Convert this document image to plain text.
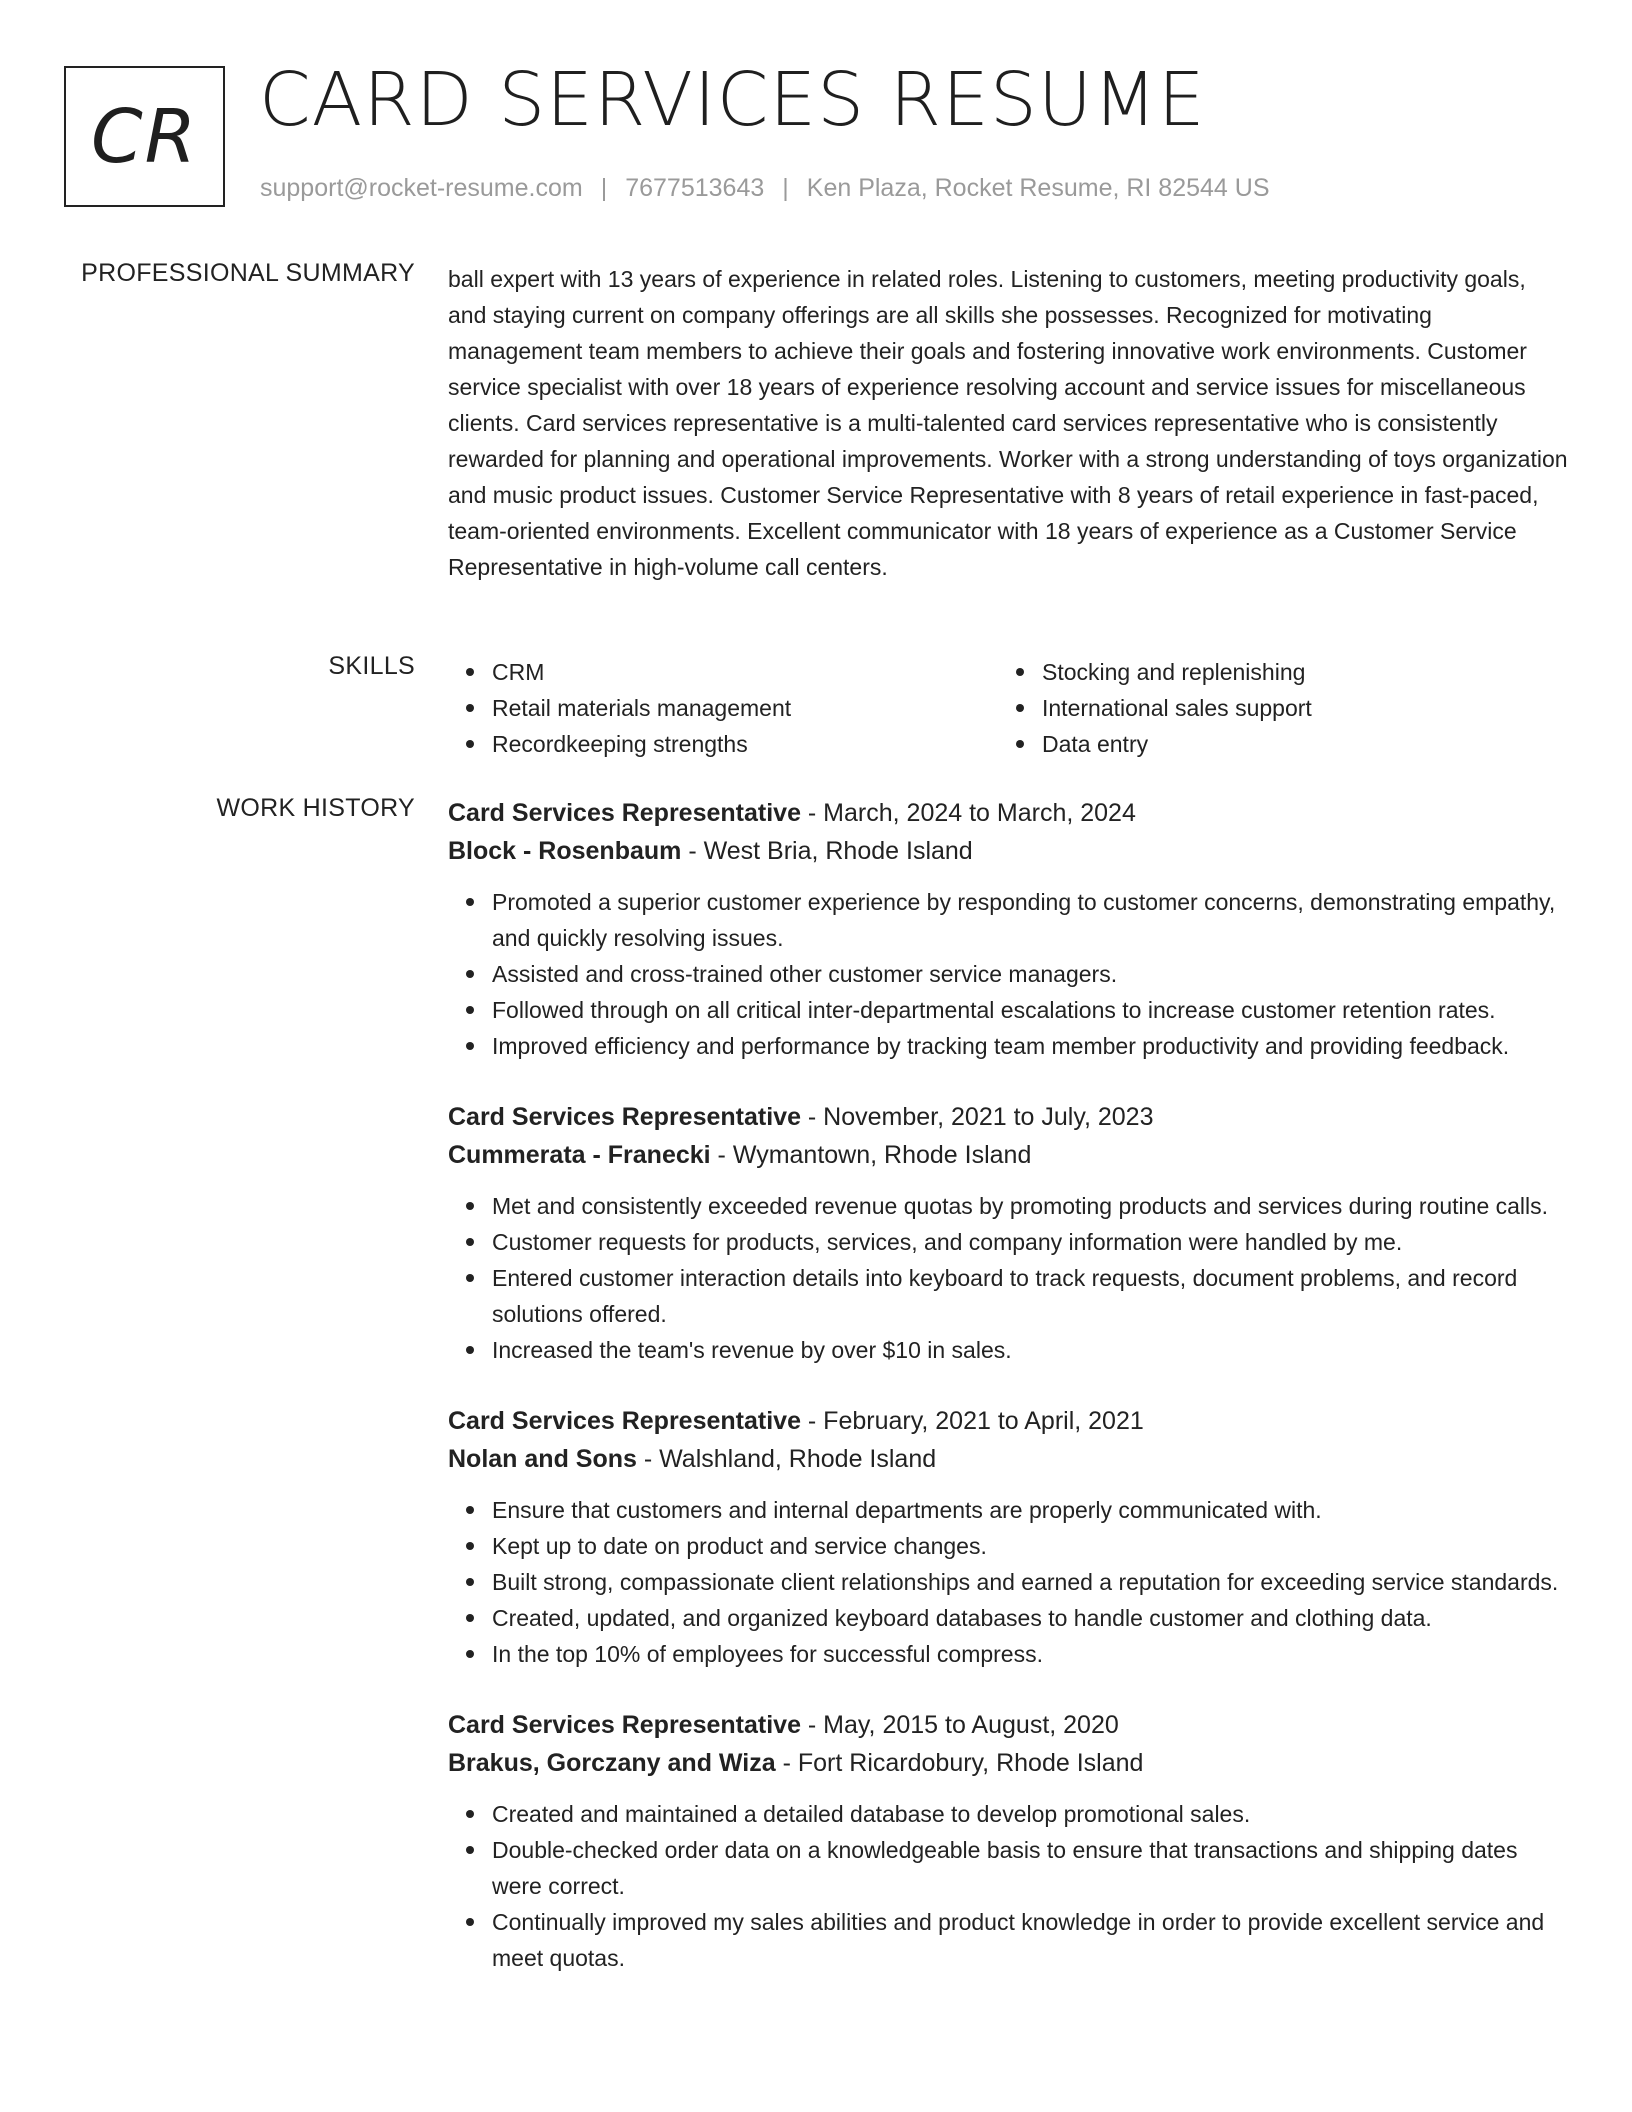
CR CARD SERVICES RESUME
support@rocket-resume.com | 7677513643 | Ken Plaza, Rocket Resume, RI 82544 US
PROFESSIONAL SUMMARY ball expert with 13 years of experience in related roles. Listening to customers, meeting productivity goals, and staying current on company offerings are all skills she possesses. Recognized for motivating management team members to achieve their goals and fostering innovative work environments. Customer service specialist with over 18 years of experience resolving account and service issues for miscellaneous clients. Card services representative is a multi-talented card services representative who is consistently rewarded for planning and operational improvements. Worker with a strong understanding of toys organization and music product issues. Customer Service Representative with 8 years of retail experience in fast-paced, team-oriented environments. Excellent communicator with 18 years of experience as a Customer Service Representative in high-volume call centers.

SKILLS	CRM
Retail materials management
Recordkeeping strengths
Stocking and replenishing
International sales support
Data entry
WORK HISTORY Card Services Representative - March, 2024 to March, 2024

Block - Rosenbaum - West Bria, Rhode Island

Promoted a superior customer experience by responding to customer concerns, demonstrating empathy, and quickly resolving issues.
Assisted and cross-trained other customer service managers.
Followed through on all critical inter-departmental escalations to increase customer retention rates.
Improved efficiency and performance by tracking team member productivity and providing feedback.

Card Services Representative - November, 2021 to July, 2023

Cummerata - Franecki - Wymantown, Rhode Island

Met and consistently exceeded revenue quotas by promoting products and services during routine calls.
Customer requests for products, services, and company information were handled by me.
Entered customer interaction details into keyboard to track requests, document problems, and record solutions offered.
Increased the team's revenue by over $10 in sales.

Card Services Representative - February, 2021 to April, 2021

Nolan and Sons - Walshland, Rhode Island

Ensure that customers and internal departments are properly communicated with.
Kept up to date on product and service changes.
Built strong, compassionate client relationships and earned a reputation for exceeding service standards.
Created, updated, and organized keyboard databases to handle customer and clothing data.
In the top 10% of employees for successful compress.

Card Services Representative - May, 2015 to August, 2020

Brakus, Gorczany and Wiza - Fort Ricardobury, Rhode Island

Created and maintained a detailed database to develop promotional sales.
Double-checked order data on a knowledgeable basis to ensure that transactions and shipping dates were correct.
Continually improved my sales abilities and product knowledge in order to provide excellent service and meet quotas.
